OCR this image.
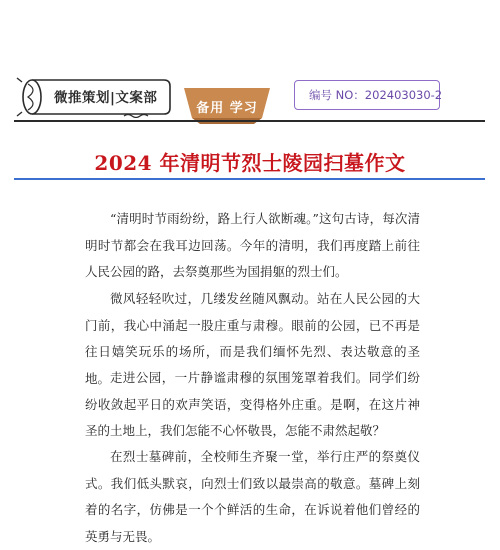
微推策划|文案部
备用 学习
编号 NO：202403030-2
2024 年清明节烈士陵园扫墓作文

“清明时节雨纷纷，路上行人欲断魂。”这句古诗，每次清明时节都会在我耳边回荡。今年的清明，我们再度踏上前往人民公园的路，去祭奠那些为国捐躯的烈士们。

微风轻轻吹过，几缕发丝随风飘动。站在人民公园的大门前，我心中涌起一股庄重与肃穆。眼前的公园，已不再是往日嬉笑玩乐的场所，而是我们缅怀先烈、表达敬意的圣地。 走进公园，一片静谧肃穆的氛围笼罩着我们。同学们纷纷收敛起平日的欢声笑语，变得格外庄重。是啊，在这片神圣的土地上，我们怎能不心怀敬畏，怎能不肃然起敬？

在烈士墓碑前，全校师生齐聚一堂，举行庄严的祭奠仪式。我们低头默哀，向烈士们致以最崇高的敬意。墓碑上刻着的名字，仿佛是一个个鲜活的生命，在诉说着他们曾经的英勇与无畏。
